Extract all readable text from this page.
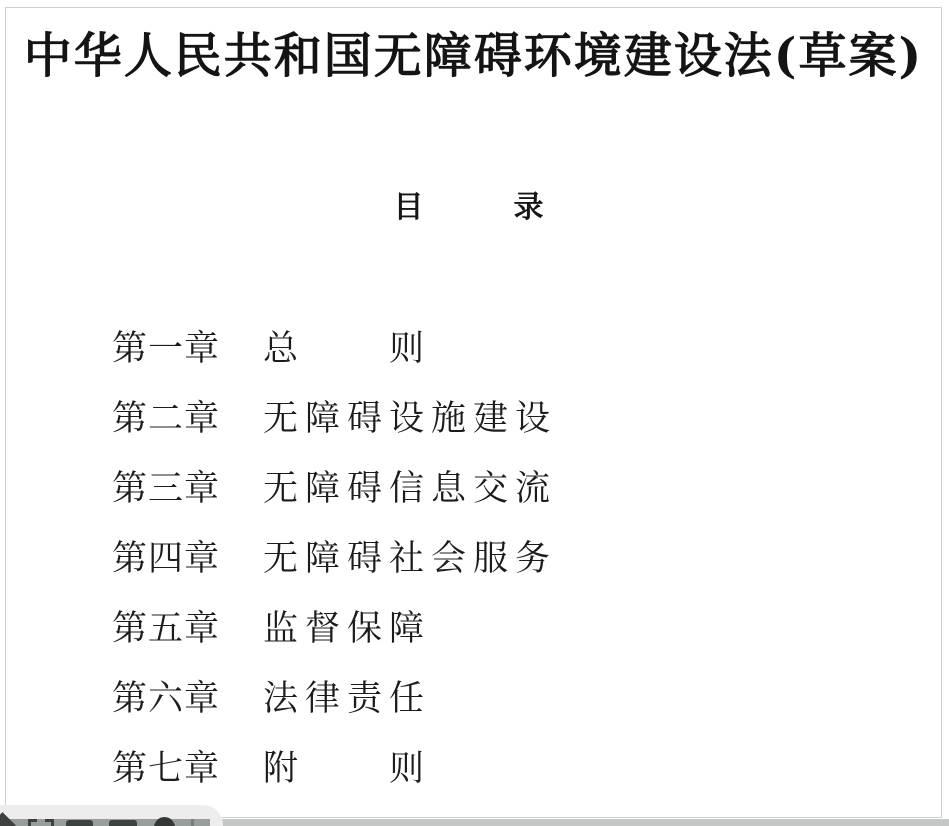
中华人民共和国无障碍环境建设法(草案)
目　　录
第一章 总　　则
第二章 无障碍设施建设
第三章 无障碍信息交流
第四章 无障碍社会服务
第五章 监督保障
第六章 法律责任
第七章 附　　则
